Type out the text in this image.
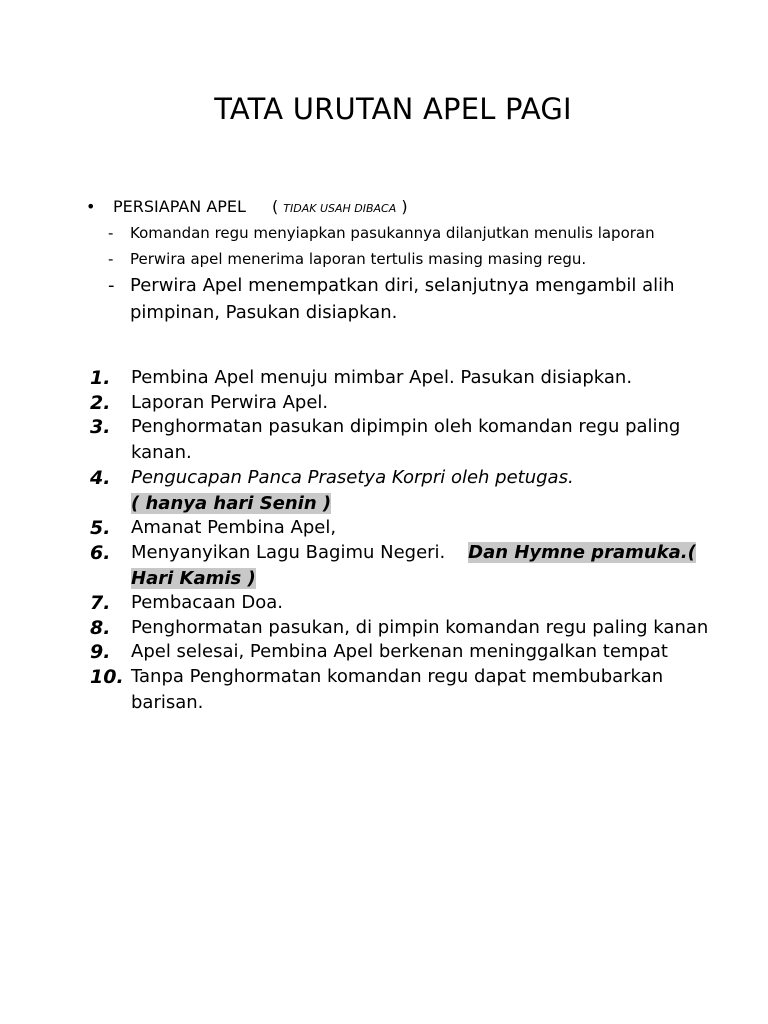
TATA URUTAN APEL PAGI
• PERSIAPAN APEL ( TIDAK USAH DIBACA )
- Komandan regu menyiapkan pasukannya dilanjutkan menulis laporan
- Perwira apel menerima laporan tertulis masing masing regu.
- Perwira Apel menempatkan diri, selanjutnya mengambil alih pimpinan, Pasukan disiapkan.
1. Pembina Apel menuju mimbar Apel. Pasukan disiapkan.
2. Laporan Perwira Apel.
3. Penghormatan pasukan dipimpin oleh komandan regu paling kanan.
4. Pengucapan Panca Prasetya Korpri oleh petugas.
( hanya hari Senin )
5. Amanat Pembina Apel,
6. Menyanyikan Lagu Bagimu Negeri. Dan Hymne pramuka.( Hari Kamis )
7. Pembacaan Doa.
8. Penghormatan pasukan, di pimpin komandan regu paling kanan
9. Apel selesai, Pembina Apel berkenan meninggalkan tempat
10. Tanpa Penghormatan komandan regu dapat membubarkan barisan.
